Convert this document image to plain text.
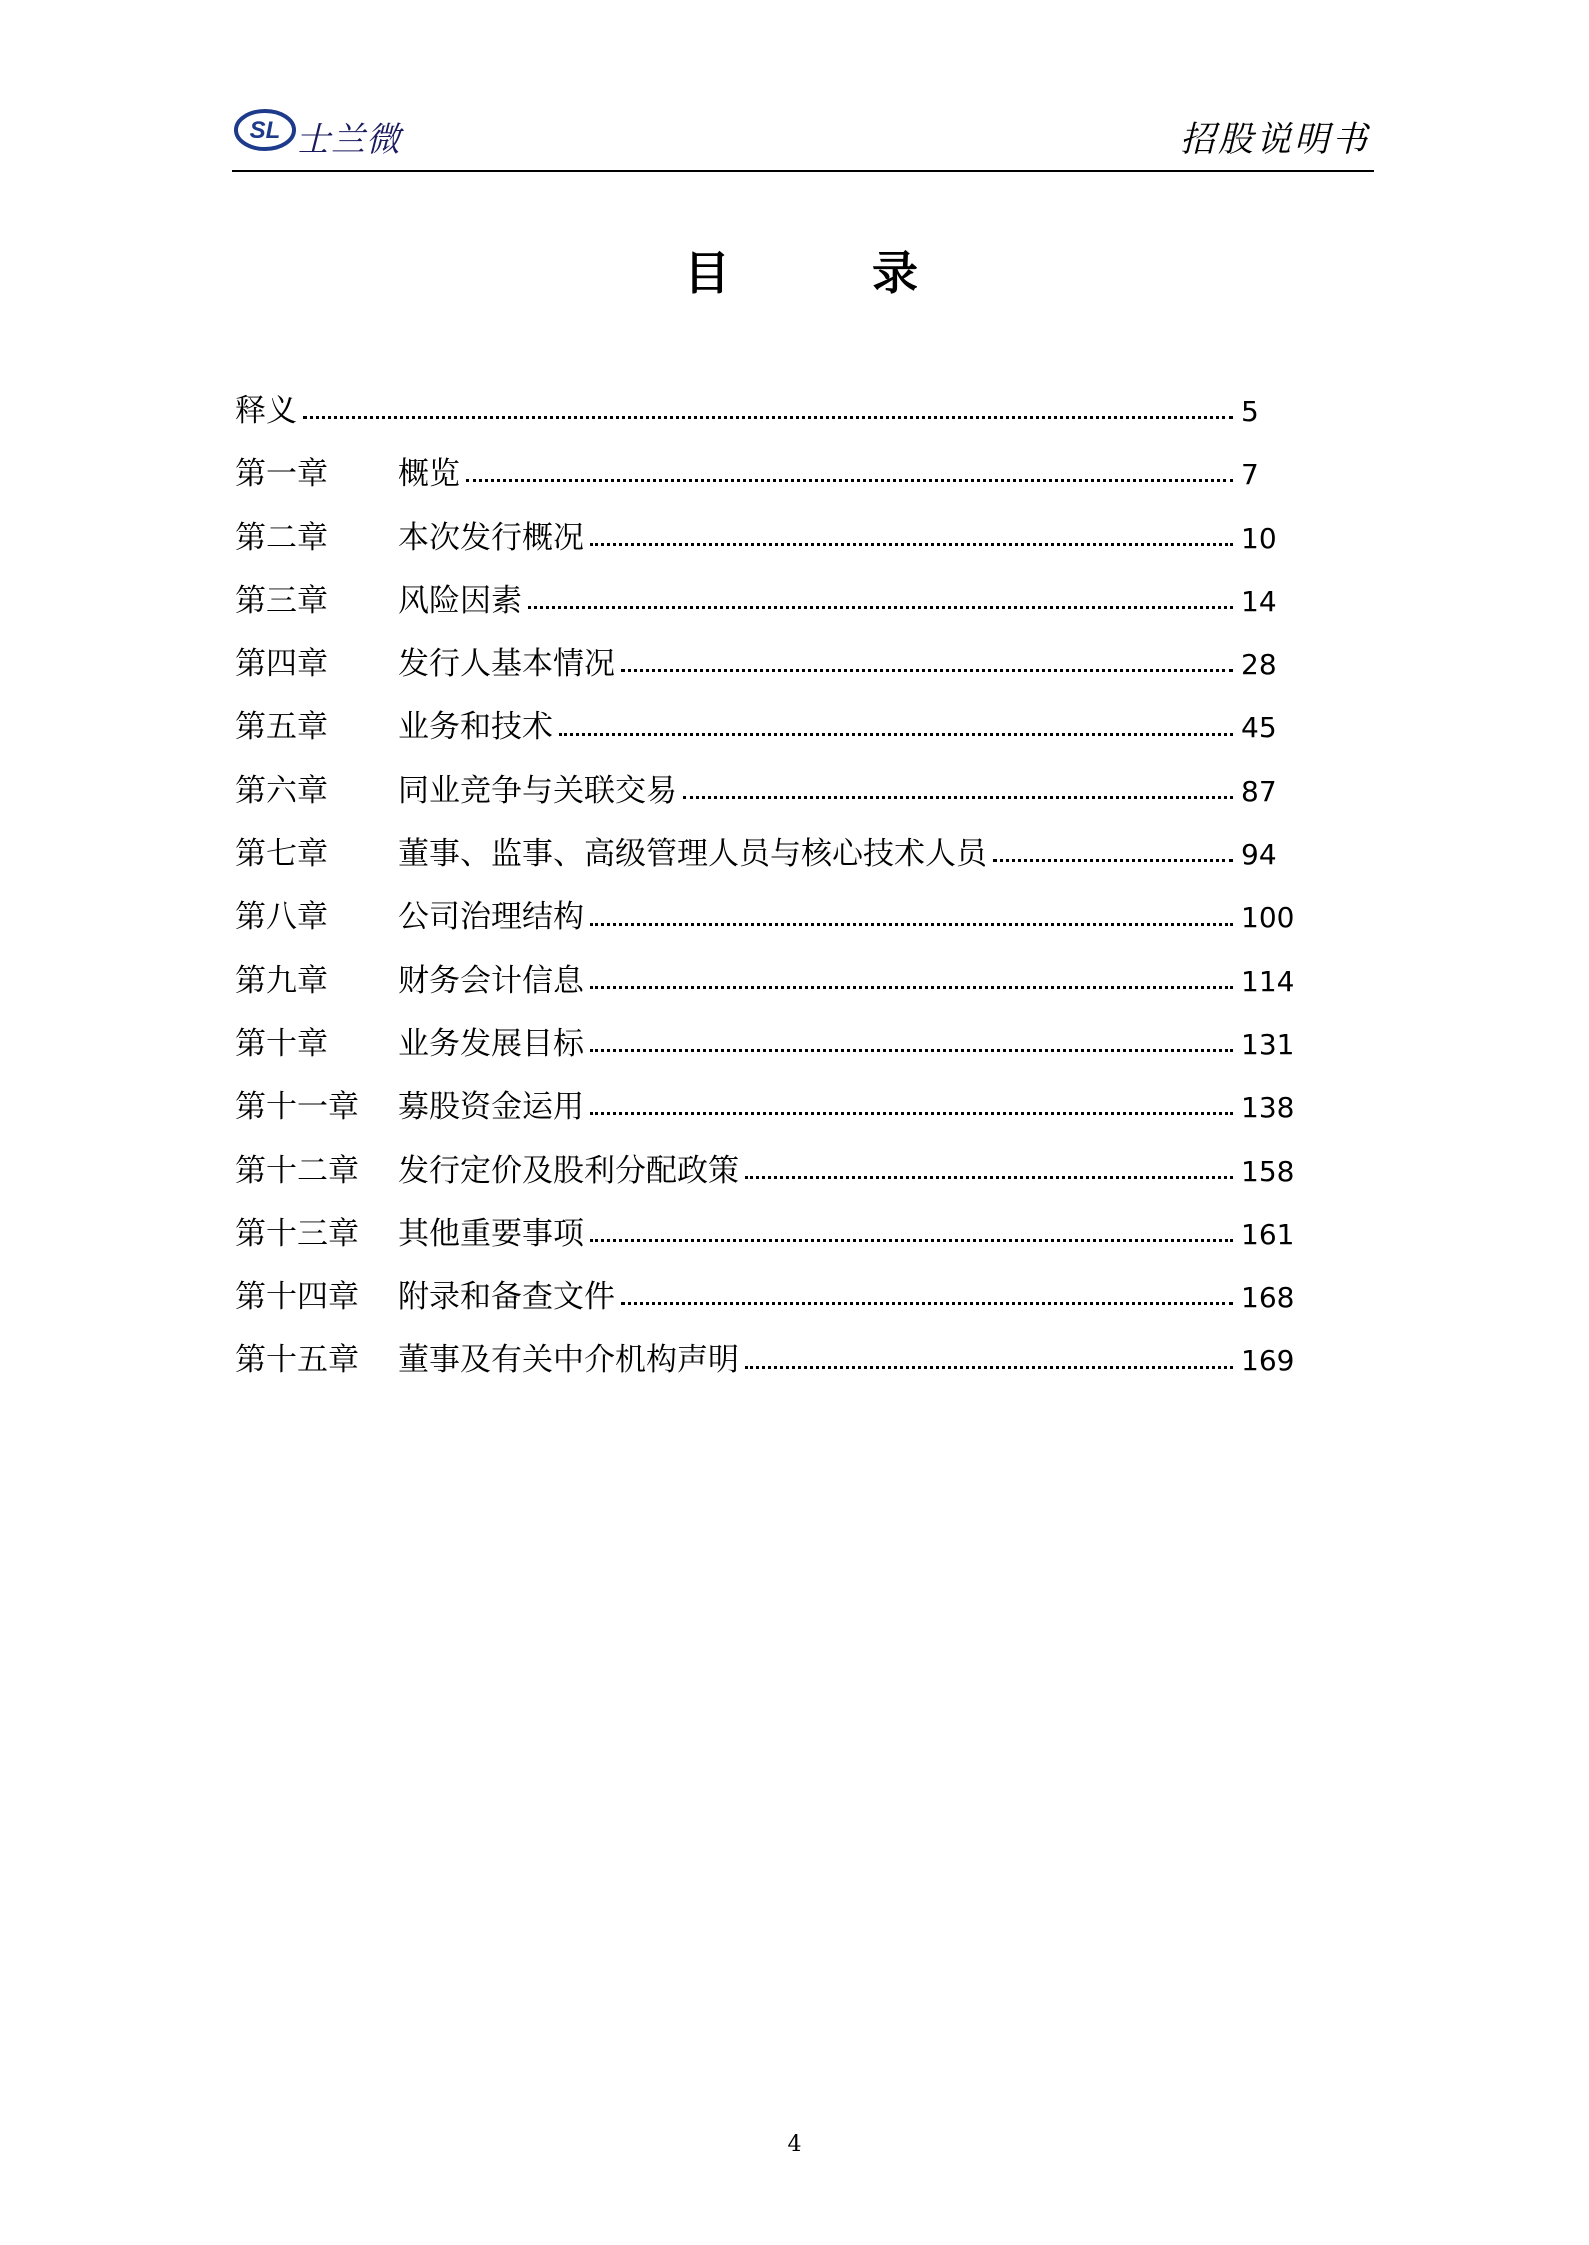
SL 士兰微	招股说明书
目	录
释义	5
第一章 概览	7
第二章 本次发行概况	10
第三章 风险因素	14
第四章 发行人基本情况	28
第五章 业务和技术	45
第六章 同业竞争与关联交易	87
第七章 董事、监事、高级管理人员与核心技术人员	94
第八章 公司治理结构	100
第九章 财务会计信息	114
第十章 业务发展目标	131
第十一章 募股资金运用	138
第十二章 发行定价及股利分配政策	158
第十三章 其他重要事项	161
第十四章 附录和备查文件	168
第十五章 董事及有关中介机构声明	169
4
